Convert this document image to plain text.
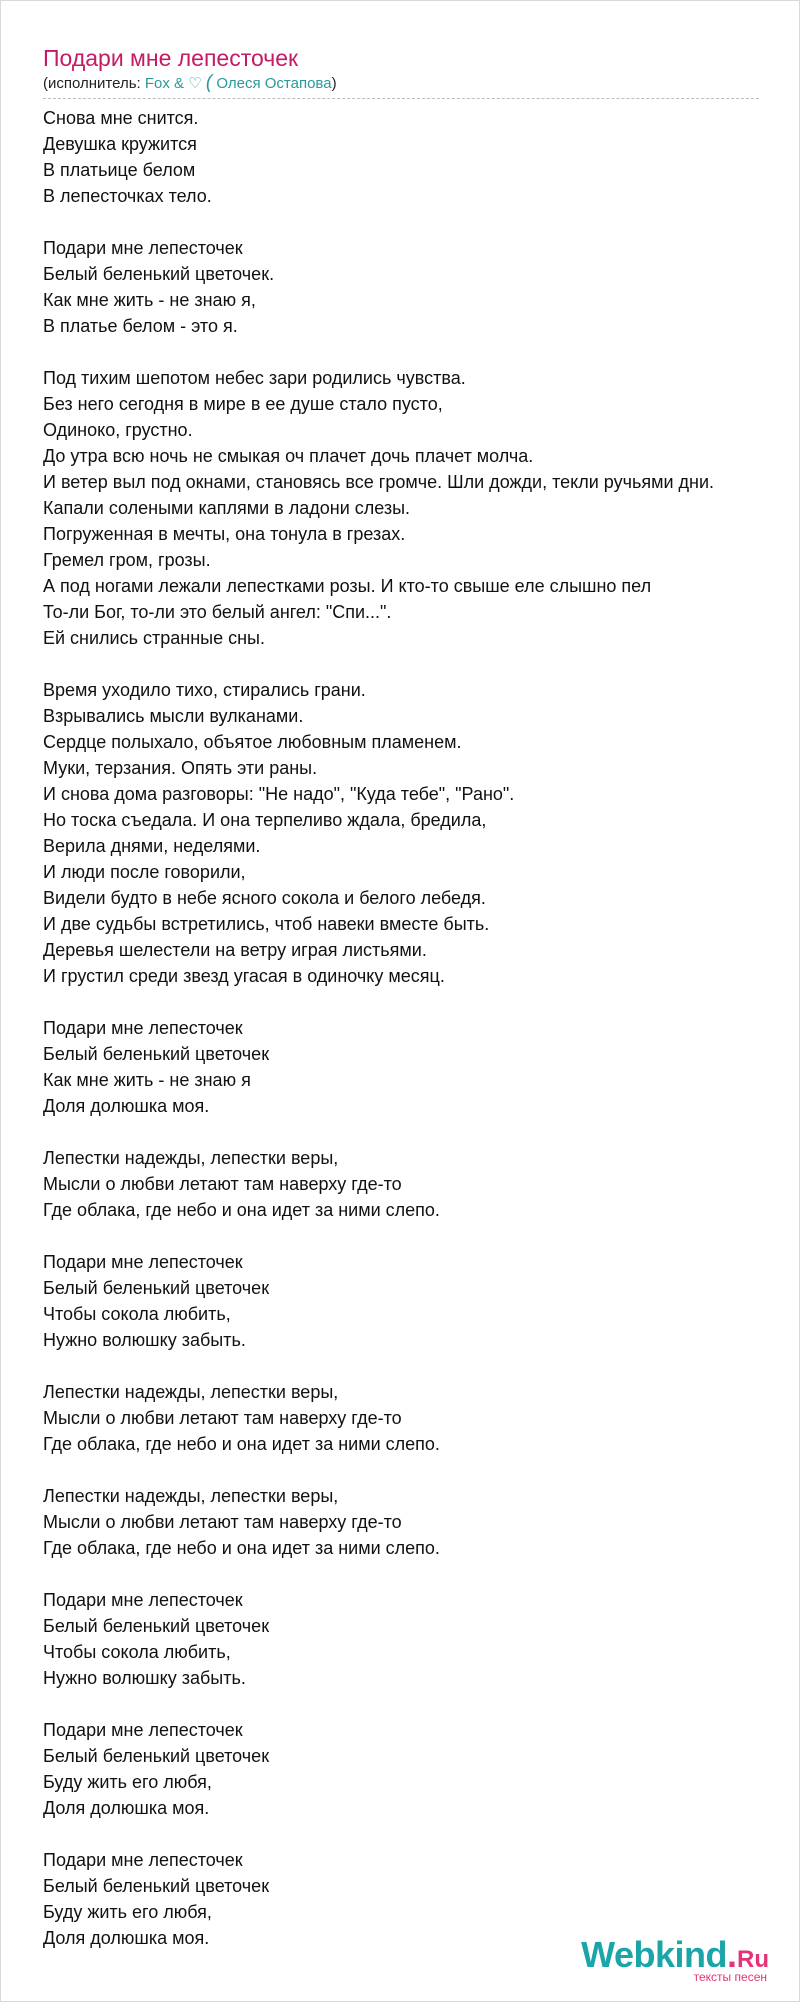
Подари мне лепесточек
(исполнитель: Fox & ♡ ( Олеся Остапова)
Снова мне снится.
Девушка кружится
В платьице белом
В лепесточках тело.
Подари мне лепесточек
Белый беленький цветочек.
Как мне жить - не знаю я,
В платье белом - это я.
Под тихим шепотом небес зари родились чувства.
Без него сегодня в мире в ее душе стало пусто,
Одиноко, грустно.
До утра всю ночь не смыкая оч плачет дочь плачет молча.
И ветер выл под окнами, становясь все громче. Шли дожди, текли ручьями дни.
Капали солеными каплями в ладони слезы.
Погруженная в мечты, она тонула в грезах.
Гремел гром, грозы.
А под ногами лежали лепестками розы. И кто-то свыше еле слышно пел
То-ли Бог, то-ли это белый ангел: "Спи...".
Ей снились странные сны.
Время уходило тихо, стирались грани.
Взрывались мысли вулканами.
Сердце полыхало, объятое любовным пламенем.
Муки, терзания. Опять эти раны.
И снова дома разговоры: "Не надо", "Куда тебе", "Рано".
Но тоска съедала. И она терпеливо ждала, бредила,
Верила днями, неделями.
И люди после говорили,
Видели будто в небе ясного сокола и белого лебедя.
И две судьбы встретились, чтоб навеки вместе быть.
Деревья шелестели на ветру играя листьями.
И грустил среди звезд угасая в одиночку месяц.
Подари мне лепесточек
Белый беленький цветочек
Как мне жить - не знаю я
Доля долюшка моя.
Лепестки надежды, лепестки веры,
Мысли о любви летают там наверху где-то
Где облака, где небо и она идет за ними слепо.
Подари мне лепесточек
Белый беленький цветочек
Чтобы сокола любить,
Нужно волюшку забыть.
Лепестки надежды, лепестки веры,
Мысли о любви летают там наверху где-то
Где облака, где небо и она идет за ними слепо.
Лепестки надежды, лепестки веры,
Мысли о любви летают там наверху где-то
Где облака, где небо и она идет за ними слепо.
Подари мне лепесточек
Белый беленький цветочек
Чтобы сокола любить,
Нужно волюшку забыть.
Подари мне лепесточек
Белый беленький цветочек
Буду жить его любя,
Доля долюшка моя.
Подари мне лепесточек
Белый беленький цветочек
Буду жить его любя,
Доля долюшка моя.	Webkind.Ru
тексты песен
